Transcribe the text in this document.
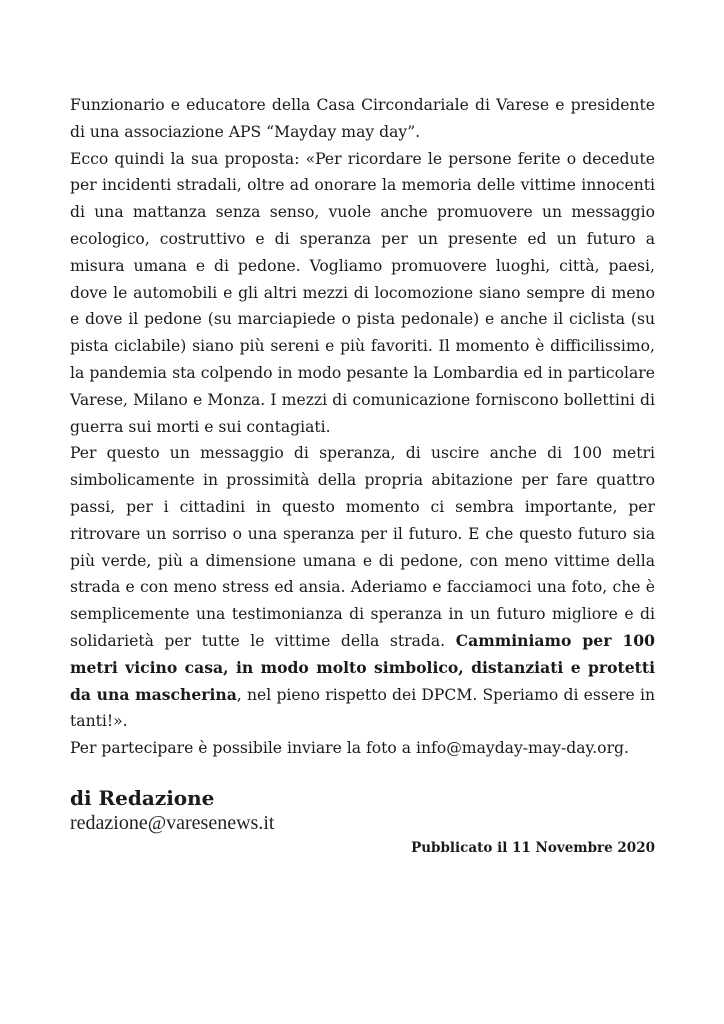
Funzionario e educatore della Casa Circondariale di Varese e presidente di una associazione APS “Mayday may day”.

Ecco quindi la sua proposta: «Per ricordare le persone ferite o decedute per incidenti stradali, oltre ad onorare la memoria delle vittime innocenti di una mattanza senza senso, vuole anche promuovere un messaggio ecologico, costruttivo e di speranza per un presente ed un futuro a misura umana e di pedone. Vogliamo promuovere luoghi, città, paesi, dove le automobili e gli altri mezzi di locomozione siano sempre di meno e dove il pedone (su marciapiede o pista pedonale) e anche il ciclista (su pista ciclabile) siano più sereni e più favoriti. Il momento è difficilissimo, la pandemia sta colpendo in modo pesante la Lombardia ed in particolare Varese, Milano e Monza. I mezzi di comunicazione forniscono bollettini di guerra sui morti e sui contagiati.

Per questo un messaggio di speranza, di uscire anche di 100 metri simbolicamente in prossimità della propria abitazione per fare quattro passi, per i cittadini in questo momento ci sembra importante, per ritrovare un sorriso o una speranza per il futuro. E che questo futuro sia più verde, più a dimensione umana e di pedone, con meno vittime della strada e con meno stress ed ansia. Aderiamo e facciamoci una foto, che è semplicemente una testimonianza di speranza in un futuro migliore e di solidarietà per tutte le vittime della strada. Camminiamo per 100 metri vicino casa, in modo molto simbolico, distanziati e protetti da una mascherina, nel pieno rispetto dei DPCM. Speriamo di essere in tanti!».

Per partecipare è possibile inviare la foto a info@mayday-may-day.org.

di Redazione
redazione@varesenews.it
Pubblicato il 11 Novembre 2020
